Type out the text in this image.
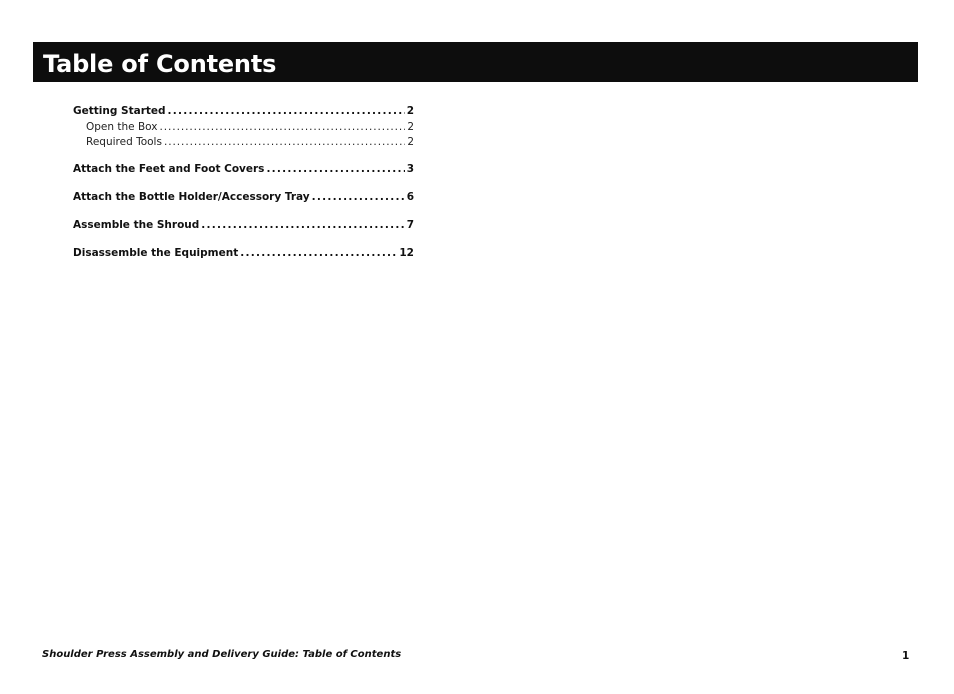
Table of Contents
Getting Started . . .	2
Open the Box . . .	2
Required Tools . . .	2
Attach the Feet and Foot Covers . . .	3
Attach the Bottle Holder/Accessory Tray . . .	6
Assemble the Shroud . . .	7
Disassemble the Equipment . . .	12
Shoulder Press Assembly and Delivery Guide: Table of Contents	1
